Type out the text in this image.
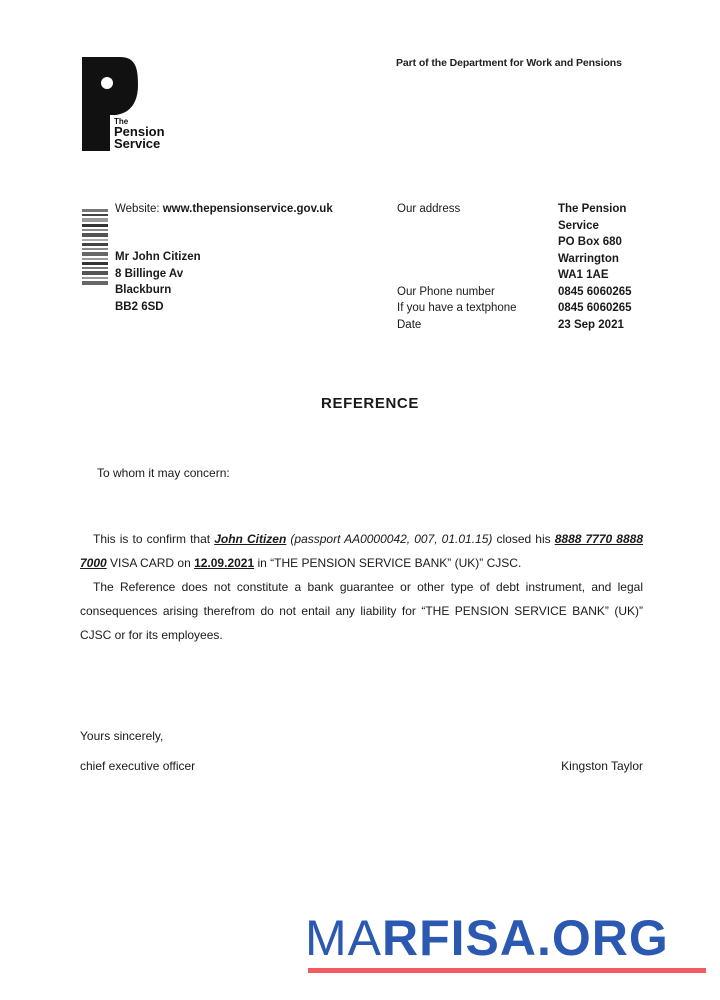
The
Pension
Service
Part of the Department for Work and Pensions
Website: www.thepensionservice.gov.uk
Mr John Citizen
8 Billinge Av
Blackburn
BB2 6SD
Our address
Our Phone number
If you have a textphone
Date
The Pension
Service
PO Box 680
Warrington
WA1 1AE
0845 6060265
0845 6060265
23 Sep 2021
REFERENCE
To whom it may concern:
This is to confirm that John Citizen (passport AA0000042, 007, 01.01.15) closed his 8888 7770 8888 7000 VISA CARD on 12.09.2021 in “THE PENSION SERVICE BANK” (UK)” CJSC.
The Reference does not constitute a bank guarantee or other type of debt instrument, and legal consequences arising therefrom do not entail any liability for “THE PENSION SERVICE BANK” (UK)” CJSC or for its employees.
Yours sincerely,
chief executive officer	Kingston Taylor
MARFISA.ORG
